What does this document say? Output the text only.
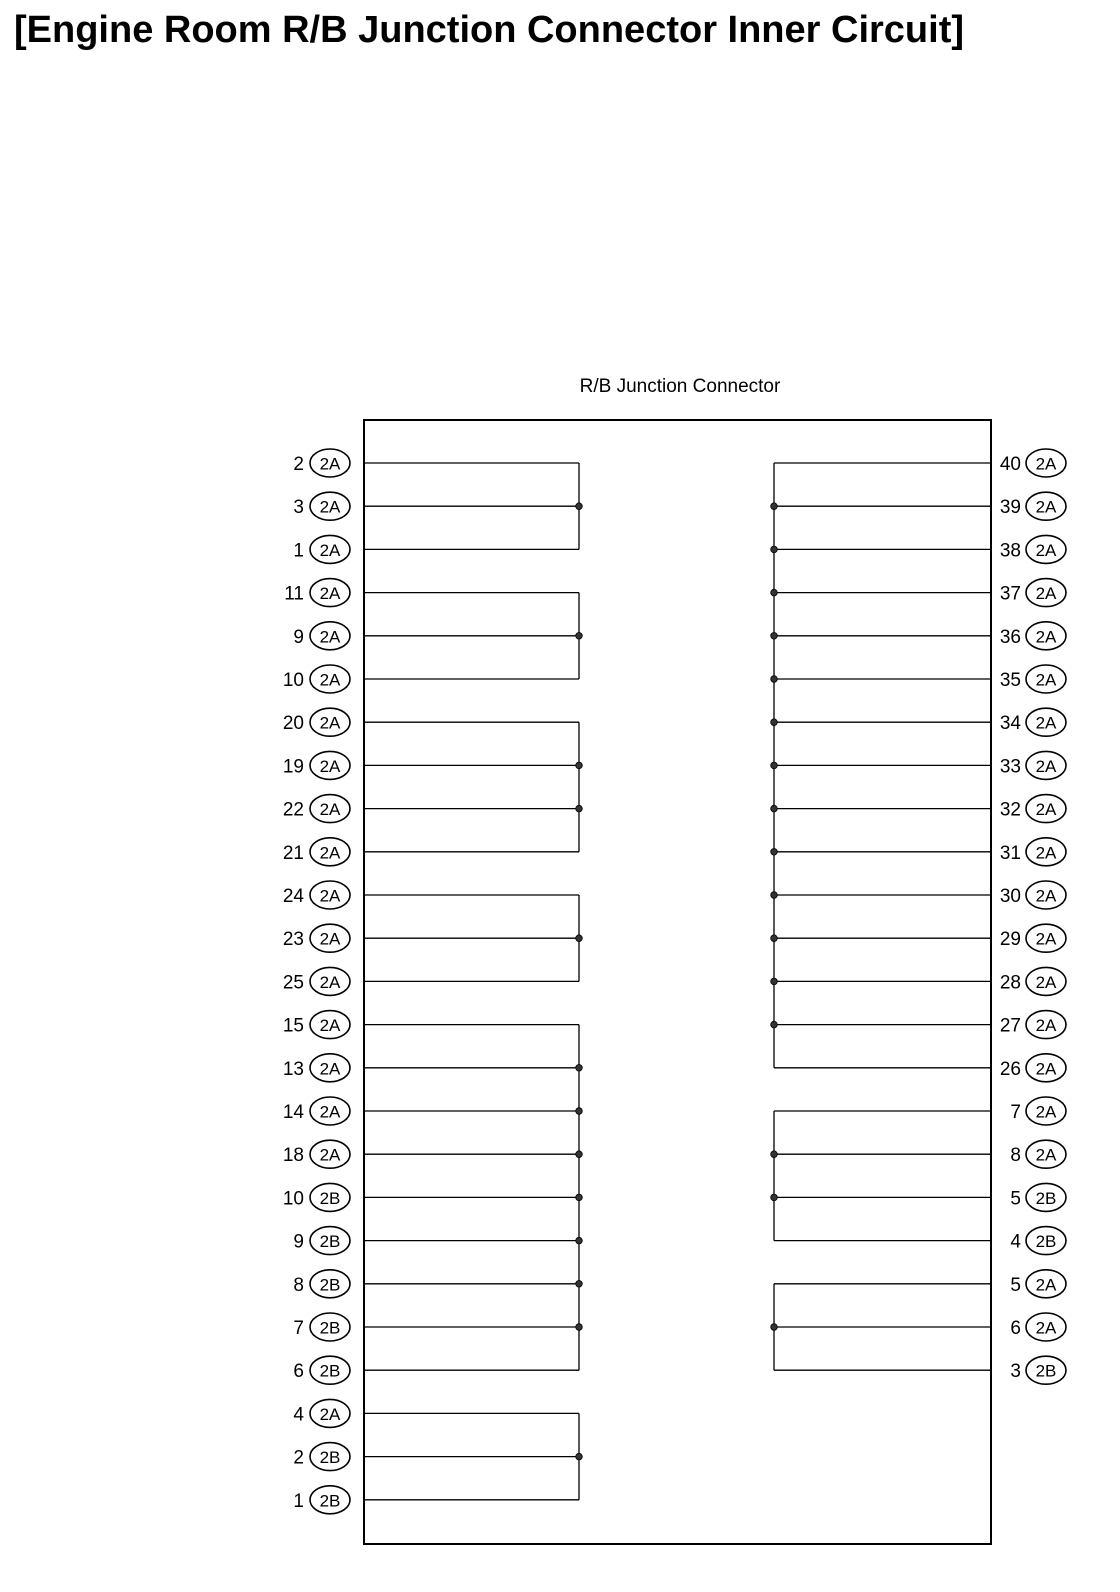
[Engine Room R/B Junction Connector Inner Circuit]
R/B Junction Connector
2 2A
3 2A
1 2A
11 2A
9 2A
10 2A
20 2A
19 2A
22 2A
21 2A
24 2A
23 2A
25 2A
15 2A
13 2A
14 2A
18 2A
10 2B
9 2B
8 2B
7 2B
6 2B
4 2A
2 2B
1 2B
40 2A
39 2A
38 2A
37 2A
36 2A
35 2A
34 2A
33 2A
32 2A
31 2A
30 2A
29 2A
28 2A
27 2A
26 2A
7 2A
8 2A
5 2B
4 2B
5 2A
6 2A
3 2B
